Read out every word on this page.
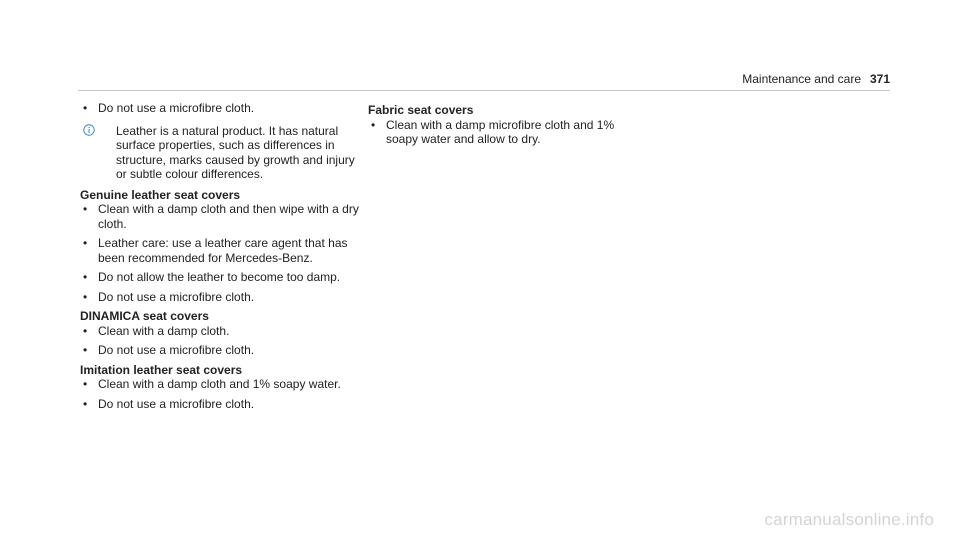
Maintenance and care 371
• Do not use a microfibre cloth.
Leather is a natural product. It has natural surface properties, such as differences in structure, marks caused by growth and injury or subtle colour differences.
Genuine leather seat covers
• Clean with a damp cloth and then wipe with a dry cloth.
• Leather care: use a leather care agent that has been recommended for Mercedes-Benz.
• Do not allow the leather to become too damp.
• Do not use a microfibre cloth.
DINAMICA seat covers
• Clean with a damp cloth.
• Do not use a microfibre cloth.
Imitation leather seat covers
• Clean with a damp cloth and 1% soapy water.
• Do not use a microfibre cloth.
Fabric seat covers
• Clean with a damp microfibre cloth and 1% soapy water and allow to dry.
carmanualsonline.info
